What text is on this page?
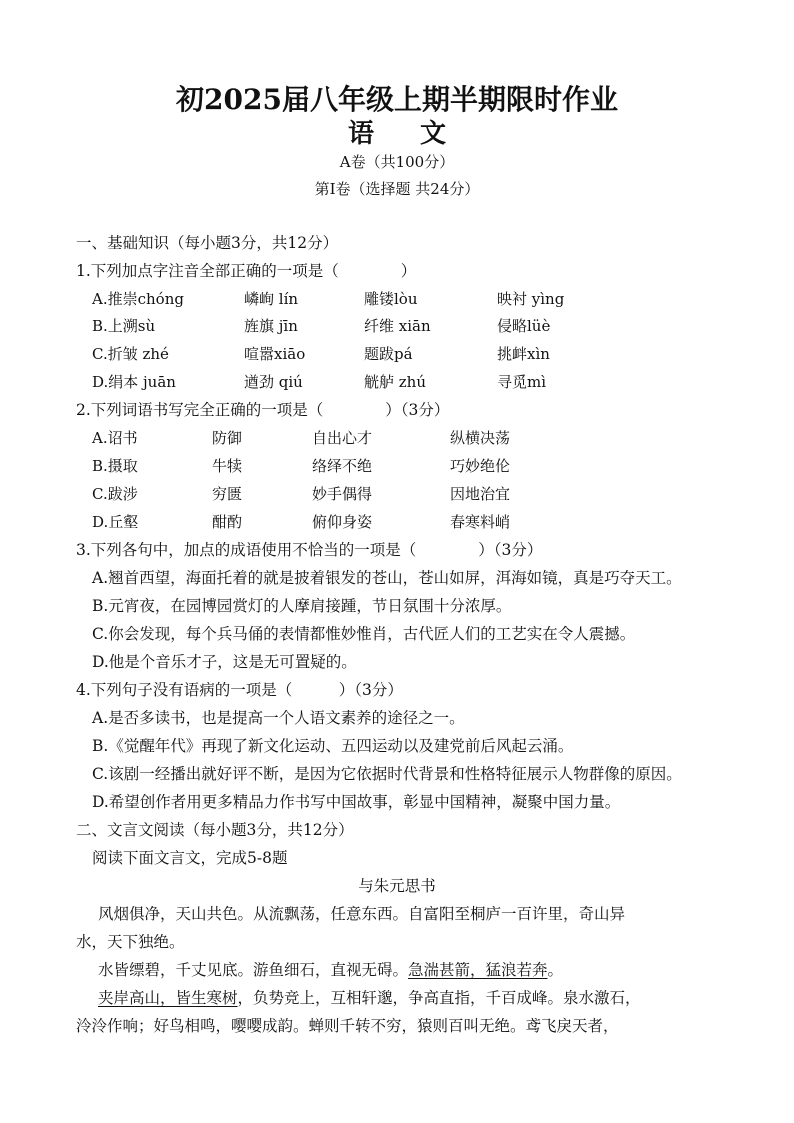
初2025届八年级上期半期限时作业
语 文
A卷（共100分）
第Ⅰ卷（选择题 共24分）
一、基础知识（每小题3分，共12分）
1.下列加点字注音全部正确的一项是（　　　　）
A.推崇chóng	嶙峋 lín	雕镂lòu	映衬 yìng
B.上溯sù	旌旗 jīn	纤维 xiān	侵略lüè
C.折皱 zhé	喧嚣xiāo	题跋pá	挑衅xìn
D.绢本 juān	遒劲 qiú	觥舻 zhú	寻觅mì
2.下列词语书写完全正确的一项是（　　　　）（3分）
A.诏书	防御	自出心才	纵横决荡
B.摄取	牛犊	络绎不绝	巧妙绝伦
C.跋涉	穷匮	妙手偶得	因地治宜
D.丘壑	酣酌	俯仰身姿	春寒料峭
3.下列各句中，加点的成语使用不恰当的一项是（　　　　）（3分）
A.翘首西望，海面托着的就是披着银发的苍山，苍山如屏，洱海如镜，真是巧夺天工。
B.元宵夜，在园博园赏灯的人摩肩接踵，节日氛围十分浓厚。
C.你会发现，每个兵马俑的表情都惟妙惟肖，古代匠人们的工艺实在令人震撼。
D.他是个音乐才子，这是无可置疑的。
4.下列句子没有语病的一项是（　　　）（3分）
A.是否多读书，也是提高一个人语文素养的途径之一。
B.《觉醒年代》再现了新文化运动、五四运动以及建党前后风起云涌。
C.该剧一经播出就好评不断，是因为它依据时代背景和性格特征展示人物群像的原因。
D.希望创作者用更多精品力作书写中国故事，彰显中国精神，凝聚中国力量。
二、文言文阅读（每小题3分，共12分）
阅读下面文言文，完成5-8题
与朱元思书
风烟俱净，天山共色。从流飘荡，任意东西。自富阳至桐庐一百许里，奇山异
水，天下独绝。
水皆缥碧，千丈见底。游鱼细石，直视无碍。急湍甚箭，猛浪若奔。
夹岸高山，皆生寒树，负势竞上，互相轩邈，争高直指，千百成峰。泉水激石，
泠泠作响；好鸟相鸣，嘤嘤成韵。蝉则千转不穷，猿则百叫无绝。鸢飞戾天者，
